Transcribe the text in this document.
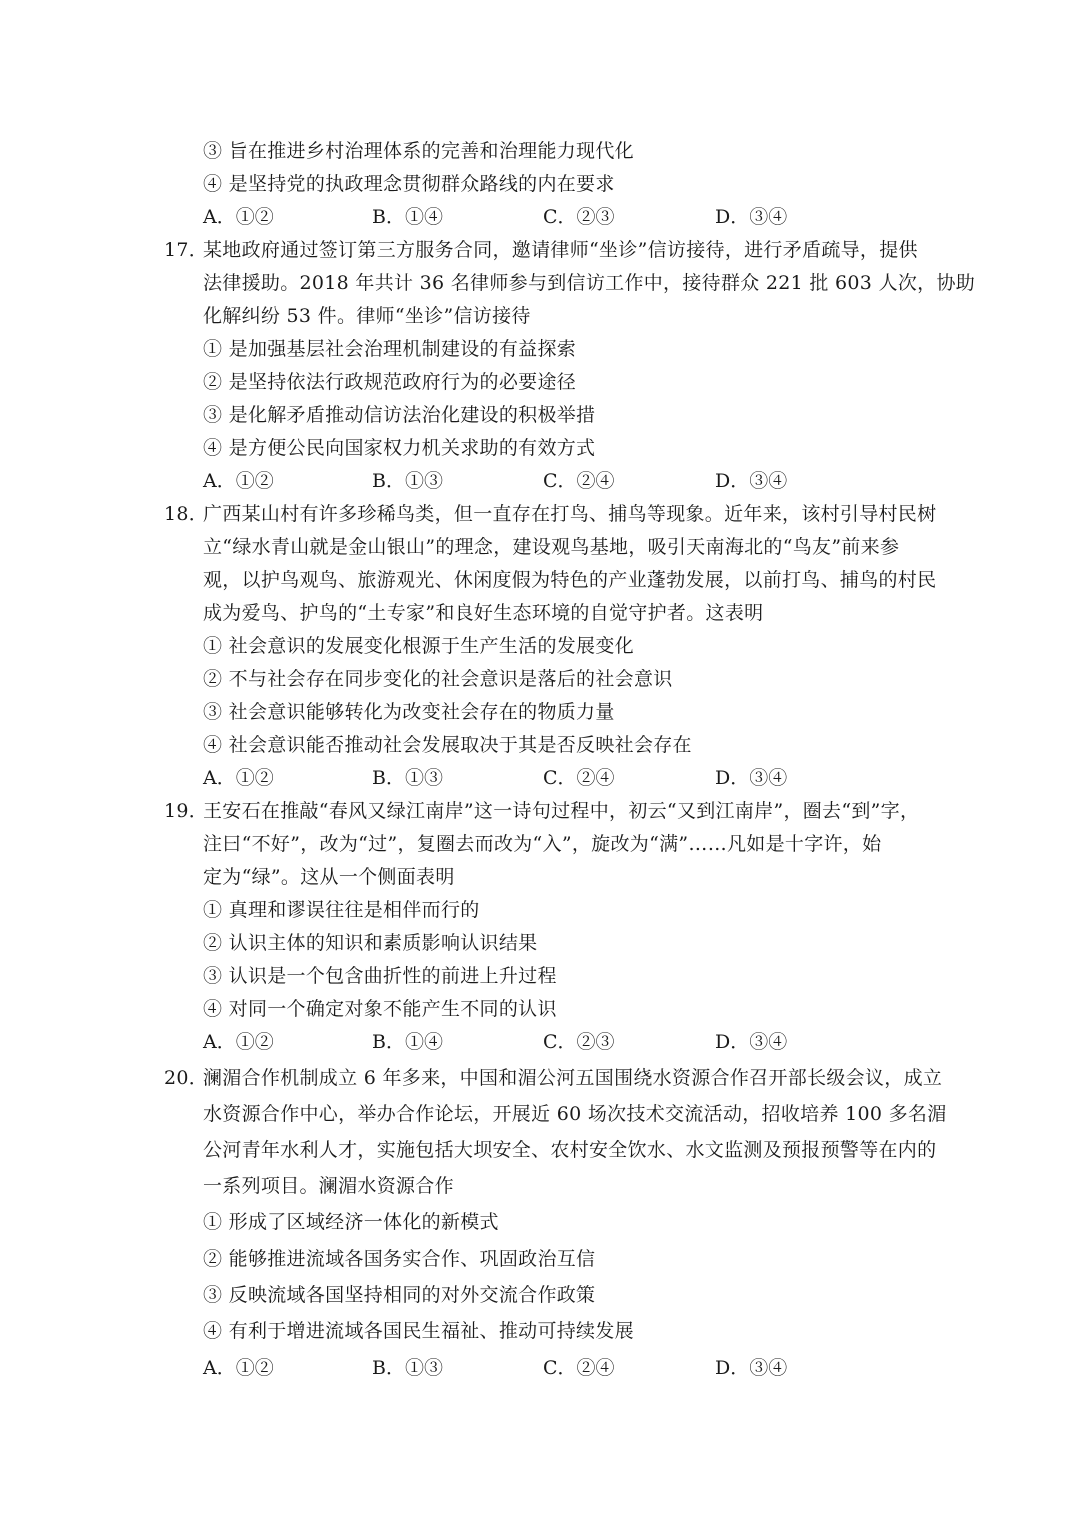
③ 旨在推进乡村治理体系的完善和治理能力现代化
④ 是坚持党的执政理念贯彻群众路线的内在要求
A．①②	B．①④	C．②③	D．③④
17．
某地政府通过签订第三方服务合同，邀请律师“坐诊”信访接待，进行矛盾疏导，提供
法律援助。2018 年共计 36 名律师参与到信访工作中，接待群众 221 批 603 人次，协助
化解纠纷 53 件。律师“坐诊”信访接待
① 是加强基层社会治理机制建设的有益探索
② 是坚持依法行政规范政府行为的必要途径
③ 是化解矛盾推动信访法治化建设的积极举措
④ 是方便公民向国家权力机关求助的有效方式
A．①②	B．①③	C．②④	D．③④
18．
广西某山村有许多珍稀鸟类，但一直存在打鸟、捕鸟等现象。近年来，该村引导村民树
立“绿水青山就是金山银山”的理念，建设观鸟基地，吸引天南海北的“鸟友”前来参
观，以护鸟观鸟、旅游观光、休闲度假为特色的产业蓬勃发展，以前打鸟、捕鸟的村民
成为爱鸟、护鸟的“土专家”和良好生态环境的自觉守护者。这表明
① 社会意识的发展变化根源于生产生活的发展变化
② 不与社会存在同步变化的社会意识是落后的社会意识
③ 社会意识能够转化为改变社会存在的物质力量
④ 社会意识能否推动社会发展取决于其是否反映社会存在
A．①②	B．①③	C．②④	D．③④
19．
王安石在推敲“春风又绿江南岸”这一诗句过程中，初云“又到江南岸”，圈去“到”字，
注曰“不好”，改为“过”，复圈去而改为“入”，旋改为“满”……凡如是十字许，始
定为“绿”。这从一个侧面表明
① 真理和谬误往往是相伴而行的
② 认识主体的知识和素质影响认识结果
③ 认识是一个包含曲折性的前进上升过程
④ 对同一个确定对象不能产生不同的认识
A．①②	B．①④	C．②③	D．③④
20．
澜湄合作机制成立 6 年多来，中国和湄公河五国围绕水资源合作召开部长级会议，成立
水资源合作中心，举办合作论坛，开展近 60 场次技术交流活动，招收培养 100 多名湄
公河青年水利人才，实施包括大坝安全、农村安全饮水、水文监测及预报预警等在内的
一系列项目。澜湄水资源合作
① 形成了区域经济一体化的新模式
② 能够推进流域各国务实合作、巩固政治互信
③ 反映流域各国坚持相同的对外交流合作政策
④ 有利于增进流域各国民生福祉、推动可持续发展
A．①②	B．①③	C．②④	D．③④
